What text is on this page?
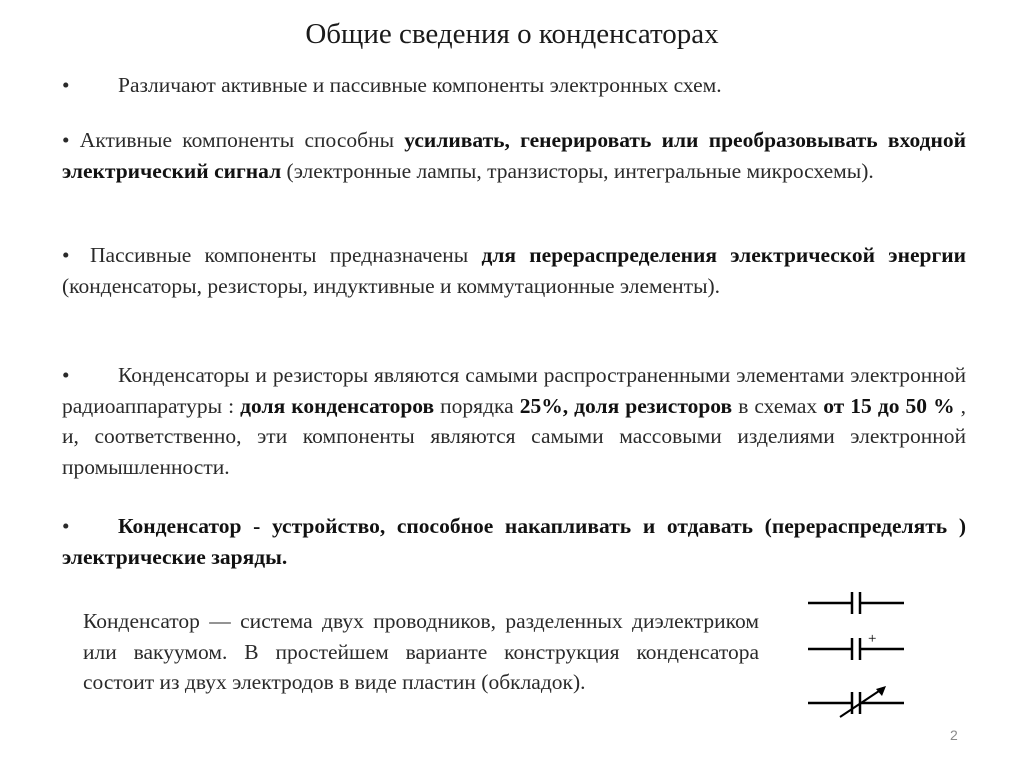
Общие сведения о конденсаторах
• Различают активные и пассивные компоненты электронных схем.
• Активные компоненты способны усиливать, генерировать или преобразовывать входной электрический сигнал (электронные лампы, транзисторы, интегральные микросхемы).
• Пассивные компоненты предназначены для перераспределения электрической энергии (конденсаторы, резисторы, индуктивные и коммутационные элементы).
• Конденсаторы и резисторы являются самыми распространенными элементами электронной радиоаппаратуры : доля конденсаторов порядка 25%, доля резисторов в схемах от 15 до 50 % , и, соответственно, эти компоненты являются самыми массовыми изделиями электронной промышленности.
• Конденсатор - устройство, способное накапливать и отдавать (перераспределять ) электрические заряды.
Конденсатор — система двух проводников, разделенных диэлектриком или вакуумом. В простейшем варианте конструкция конденсатора состоит из двух электродов в виде пластин (обкладок).
+
2
